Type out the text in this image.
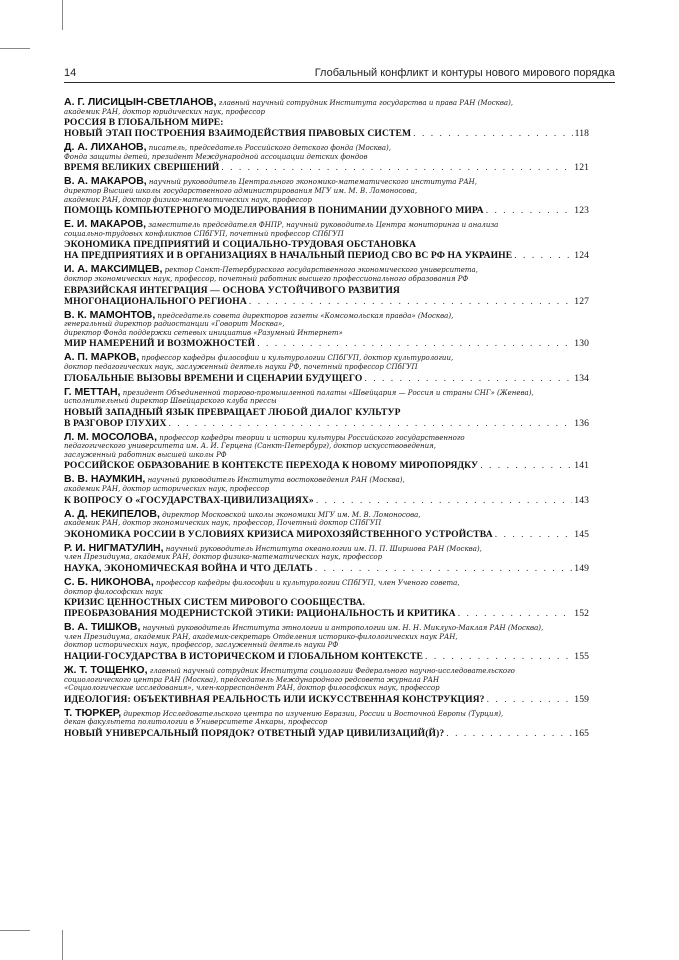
14	Глобальный конфликт и контуры нового мирового порядка
А. Г. ЛИСИЦЫН-СВЕТЛАНОВ, главный научный сотрудник Института государства и права РАН (Москва),
академик РАН, доктор юридических наук, профессор
РОССИЯ В ГЛОБАЛЬНОМ МИРЕ:
НОВЫЙ ЭТАП ПОСТРОЕНИЯ ВЗАИМОДЕЙСТВИЯ ПРАВОВЫХ СИСТЕМ . . .	118
Д. А. ЛИХАНОВ, писатель, председатель Российского детского фонда (Москва),
Фонда защиты детей, президент Международной ассоциации детских фондов
ВРЕМЯ ВЕЛИКИХ СВЕРШЕНИЙ . . .	121
В. А. МАКАРОВ, научный руководитель Центрального экономико-математического института РАН,
директор Высшей школы государственного администрирования МГУ им. М. В. Ломоносова,
академик РАН, доктор физико-математических наук, профессор
ПОМОЩЬ КОМПЬЮТЕРНОГО МОДЕЛИРОВАНИЯ В ПОНИМАНИИ ДУХОВНОГО МИРА . . .	123
Е. И. МАКАРОВ, заместитель председателя ФНПР, научный руководитель Центра мониторинга и анализа
социально-трудовых конфликтов СПбГУП, почетный профессор СПбГУП
ЭКОНОМИКА ПРЕДПРИЯТИЙ И СОЦИАЛЬНО-ТРУДОВАЯ ОБСТАНОВКА
НА ПРЕДПРИЯТИЯХ И В ОРГАНИЗАЦИЯХ В НАЧАЛЬНЫЙ ПЕРИОД СВО ВС РФ НА УКРАИНЕ . . .	124
И. А. МАКСИМЦЕВ, ректор Санкт-Петербургского государственного экономического университета,
доктор экономических наук, профессор, почетный работник высшего профессионального образования РФ
ЕВРАЗИЙСКАЯ ИНТЕГРАЦИЯ — ОСНОВА УСТОЙЧИВОГО РАЗВИТИЯ
МНОГОНАЦИОНАЛЬНОГО РЕГИОНА . . .	127
В. К. МАМОНТОВ, председатель совета директоров газеты «Комсомольская правда» (Москва),
генеральный директор радиостанции «Говорит Москва»,
директор Фонда поддержки сетевых инициатив «Разумный Интернет»
МИР НАМЕРЕНИЙ И ВОЗМОЖНОСТЕЙ . . .	130
А. П. МАРКОВ, профессор кафедры философии и культурологии СПбГУП, доктор культурологии,
доктор педагогических наук, заслуженный деятель науки РФ, почетный профессор СПбГУП
ГЛОБАЛЬНЫЕ ВЫЗОВЫ ВРЕМЕНИ И СЦЕНАРИИ БУДУЩЕГО . . .	134
Г. МЕТТАН, президент Объединенной торгово-промышленной палаты «Швейцария — Россия и страны СНГ» (Женева),
исполнительный директор Швейцарского клуба прессы
НОВЫЙ ЗАПАДНЫЙ ЯЗЫК ПРЕВРАЩАЕТ ЛЮБОЙ ДИАЛОГ КУЛЬТУР
В РАЗГОВОР ГЛУХИХ . . .	136
Л. М. МОСОЛОВА, профессор кафедры теории и истории культуры Российского государственного
педагогического университета им. А. И. Герцена (Санкт-Петербург), доктор искусствоведения,
заслуженный работник высшей школы РФ
РОССИЙСКОЕ ОБРАЗОВАНИЕ В КОНТЕКСТЕ ПЕРЕХОДА К НОВОМУ МИРОПОРЯДКУ . . .	141
В. В. НАУМКИН, научный руководитель Института востоковедения РАН (Москва),
академик РАН, доктор исторических наук, профессор
К ВОПРОСУ О «ГОСУДАРСТВАХ-ЦИВИЛИЗАЦИЯХ» . . .	143
А. Д. НЕКИПЕЛОВ, директор Московской школы экономики МГУ им. М. В. Ломоносова,
академик РАН, доктор экономических наук, профессор, Почетный доктор СПбГУП
ЭКОНОМИКА РОССИИ В УСЛОВИЯХ КРИЗИСА МИРОХОЗЯЙСТВЕННОГО УСТРОЙСТВА . . .	145
Р. И. НИГМАТУЛИН, научный руководитель Института океанологии им. П. П. Ширшова РАН (Москва),
член Президиума, академик РАН, доктор физико-математических наук, профессор
НАУКА, ЭКОНОМИЧЕСКАЯ ВОЙНА И ЧТО ДЕЛАТЬ . . .	149
С. Б. НИКОНОВА, профессор кафедры философии и культурологии СПбГУП, член Ученого совета,
доктор философских наук
КРИЗИС ЦЕННОСТНЫХ СИСТЕМ МИРОВОГО СООБЩЕСТВА.
ПРЕОБРАЗОВАНИЯ МОДЕРНИСТСКОЙ ЭТИКИ: РАЦИОНАЛЬНОСТЬ И КРИТИКА . . .	152
В. А. ТИШКОВ, научный руководитель Института этнологии и антропологии им. Н. Н. Миклухо-Маклая РАН (Москва),
член Президиума, академик РАН, академик-секретарь Отделения историко-филологических наук РАН,
доктор исторических наук, профессор, заслуженный деятель науки РФ
НАЦИИ-ГОСУДАРСТВА В ИСТОРИЧЕСКОМ И ГЛОБАЛЬНОМ КОНТЕКСТЕ . . .	155
Ж. Т. ТОЩЕНКО, главный научный сотрудник Института социологии Федерального научно-исследовательского
социологического центра РАН (Москва), председатель Международного редсовета журнала РАН
«Социологические исследования», член-корреспондент РАН, доктор философских наук, профессор
ИДЕОЛОГИЯ: ОБЪЕКТИВНАЯ РЕАЛЬНОСТЬ ИЛИ ИСКУССТВЕННАЯ КОНСТРУКЦИЯ? . . .	159
Т. ТЮРКЕР, директор Исследовательского центра по изучению Евразии, России и Восточной Европы (Турция),
декан факультета политологии в Университете Анкары, профессор
НОВЫЙ УНИВЕРСАЛЬНЫЙ ПОРЯДОК? ОТВЕТНЫЙ УДАР ЦИВИЛИЗАЦИЙ(Й)? . . .	165
